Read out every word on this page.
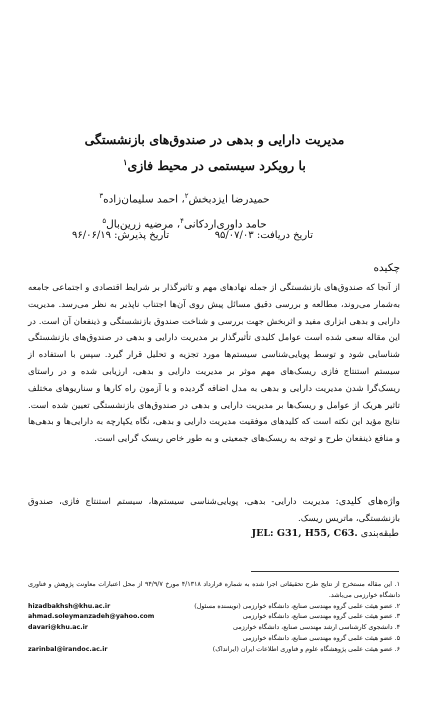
مدیریت دارایی و بدهی در صندوق‌های بازنشستگی
با رویکرد سیستمی در محیط فازی$^۱$
حمیدرضا ایزدبخش$^۲$، احمد سلیمان‌زاده$^۳$
حامد داوری‌اردکانی$^۴$، مرضیه زرین‌بال$^۵$
تاریخ دریافت: ۹۵/۰۷/۰۳
تاریخ پذیرش: ۹۶/۰۶/۱۹
چکیده
از آنجا که صندوق‌های بازنشستگی از جمله نهادهای مهم و تاثیرگذار بر شرایط اقتصادی و اجتماعی جامعه به‌شمار می‌روند، مطالعه و بررسی دقیق مسائل پیش روی آن‌ها اجتناب ناپذیر به نظر می‌رسد. مدیریت دارایی و بدهی ابزاری مفید و اثربخش جهت بررسی و شناخت صندوق بازنشستگی و ذینفعان آن است. در این مقاله سعی شده است عوامل کلیدی تأثیرگذار بر مدیریت دارایی و بدهی در صندوق‌های بازنشستگی شناسایی شود و توسط پویایی‌شناسی سیستم‌ها مورد تجزیه و تحلیل قرار گیرد. سپس با استفاده از سیستم استنتاج فازی ریسک‌های مهم موثر بر مدیریت دارایی و بدهی، ارزیابی شده و در راستای ریسک‌گرا شدن مدیریت دارایی و بدهی به مدل اضافه گردیده و با آزمون راه کارها و سناریوهای مختلف تاثیر هریک از عوامل و ریسک‌ها بر مدیریت دارایی و بدهی در صندوق‌های بازنشستگی تعیین شده است. نتایج مؤید این نکته است که کلیدهای موفقیت مدیریت دارایی و بدهی، نگاه یکپارچه به دارایی‌ها و بدهی‌ها و منافع ذینفعان طرح و توجه به ریسک‌های جمعیتی و به طور خاص ریسک گرایی است.
واژه‌های کلیدی: مدیریت دارایی- بدهی، پویایی‌شناسی سیستم‌ها، سیستم استنتاج فازی، صندوق بازنشستگی، ماتریس ریسک.
طبقه‌بندی JEL: G31, H55, C63.
۱. این مقاله مستخرج از نتایج طرح تحقیقاتی اجرا شده به شماره قرارداد ۴/۱۳۱۸ مورخ ۹۴/۹/۷ از محل اعتبارات معاونت پژوهش و فناوری دانشگاه خوارزمی می‌باشد.
۲. عضو هیئت علمی گروه مهندسی صنایع، دانشگاه خوارزمی (نویسنده مسئول)
hizadbakhsh@khu.ac.ir
۳. عضو هیئت علمی گروه مهندسی صنایع، دانشگاه خوارزمی
ahmad.soleymanzadeh@yahoo.com
۴. دانشجوی کارشناسی ارشد مهندسی صنایع، دانشگاه خوارزمی
davari@khu.ac.ir
۵. عضو هیئت علمی گروه مهندسی صنایع، دانشگاه خوارزمی
۶. عضو هیئت علمی پژوهشگاه علوم و فناوری اطلاعات ایران (ایرانداک)
zarinbal@irandoc.ac.ir
